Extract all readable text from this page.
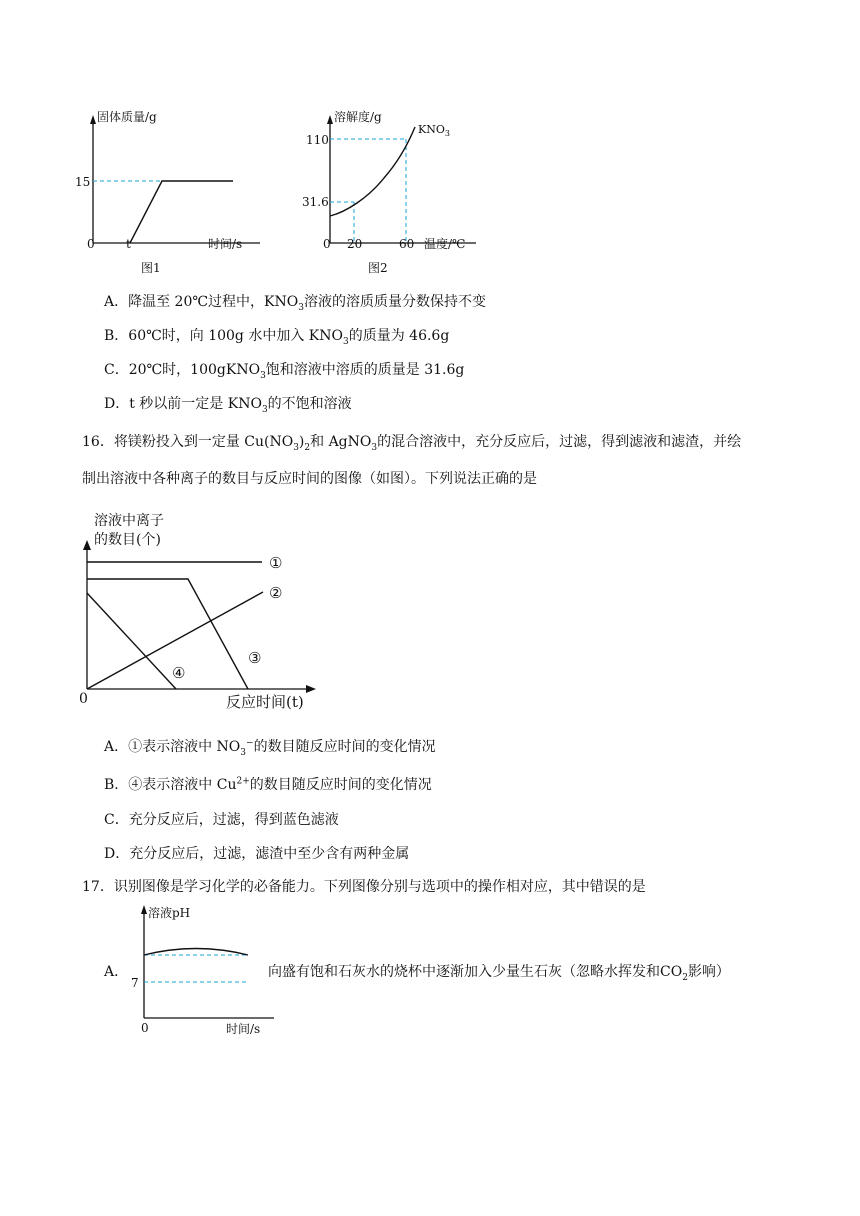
固体质量/g
15
0	t	时间/s
图1
溶解度/g
$KNO_3$
110
31.6
0 20	60 温度/℃
图2
A．降温至 20℃过程中，$KNO_3$溶液的溶质质量分数保持不变
B．60℃时，向 100g 水中加入 $KNO_3$的质量为 46.6g
C．20℃时，100gKNO$_3$饱和溶液中溶质的质量是 31.6g
D．t 秒以前一定是 $KNO_3$的不饱和溶液
16．将镁粉投入到一定量 $Cu(NO_3)_2$和 AgNO$_3$的混合溶液中，充分反应后，过滤，得到滤液和滤渣，并绘
制出溶液中各种离子的数目与反应时间的图像（如图）。下列说法正确的是
溶液中离子
的数目(个)
①
②
③
④
0	反应时间(t)
A．①表示溶液中 $NO_3^-$的数目随反应时间的变化情况
B．④表示溶液中 $Cu^{2+}$的数目随反应时间的变化情况
C．充分反应后，过滤，得到蓝色滤液
D．充分反应后，过滤，滤渣中至少含有两种金属
17．识别图像是学习化学的必备能力。下列图像分别与选项中的操作相对应，其中错误的是
溶液pH
7
0	时间/s
A．	向盛有饱和石灰水的烧杯中逐渐加入少量生石灰（忽略水挥发和$CO_2$影响）
